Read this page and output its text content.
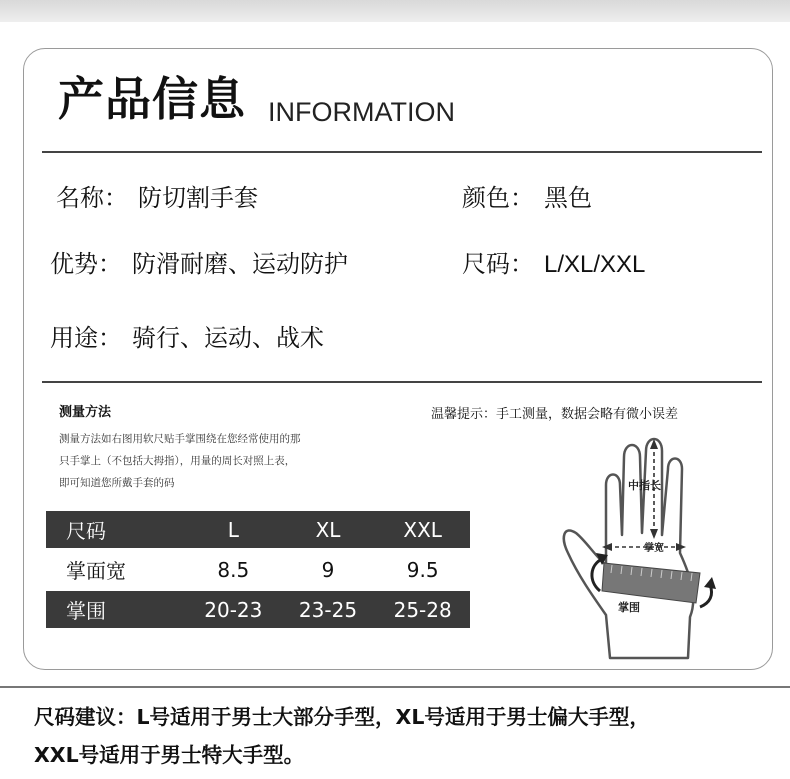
产品信息 INFORMATION
名称： 防切割手套	颜色： 黑色
优势： 防滑耐磨、运动防护	尺码： L/XL/XXL
用途： 骑行、运动、战术
测量方法
测量方法如右图用软尺贴手掌围绕在您经常使用的那
只手掌上（不包括大拇指），用量的周长对照上表，
即可知道您所戴手套的码
温馨提示：手工测量，数据会略有微小误差
尺码	L	XL	XXL
掌面宽	8.5	9	9.5
掌围	20-23	23-25	25-28
中指长
掌宽
掌围
尺码建议：L号适用于男士大部分手型，XL号适用于男士偏大手型，
XXL号适用于男士特大手型。
